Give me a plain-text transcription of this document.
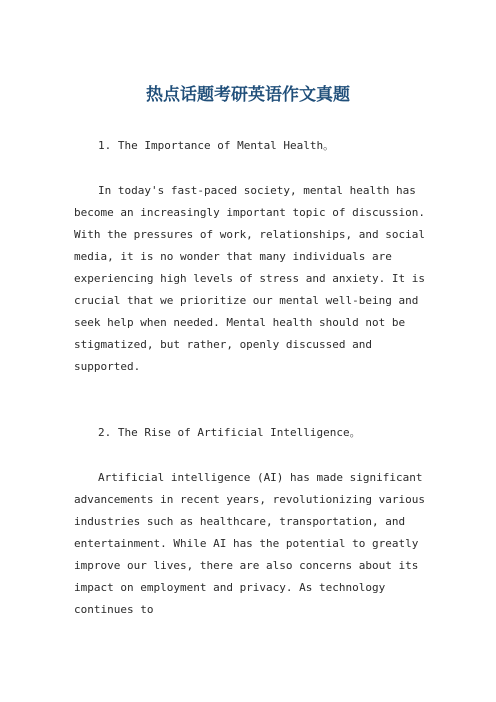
热点话题考研英语作文真题

1. The Importance of Mental Health。

In today's fast-paced society, mental health has become an increasingly important topic of discussion. With the pressures of work, relationships, and social media, it is no wonder that many individuals are experiencing high levels of stress and anxiety. It is crucial that we prioritize our mental well-being and seek help when needed. Mental health should not be stigmatized, but rather, openly discussed and supported.

2. The Rise of Artificial Intelligence。

Artificial intelligence (AI) has made significant advancements in recent years, revolutionizing various industries such as healthcare, transportation, and entertainment. While AI has the potential to greatly improve our lives, there are also concerns about its impact on employment and privacy. As technology continues to
